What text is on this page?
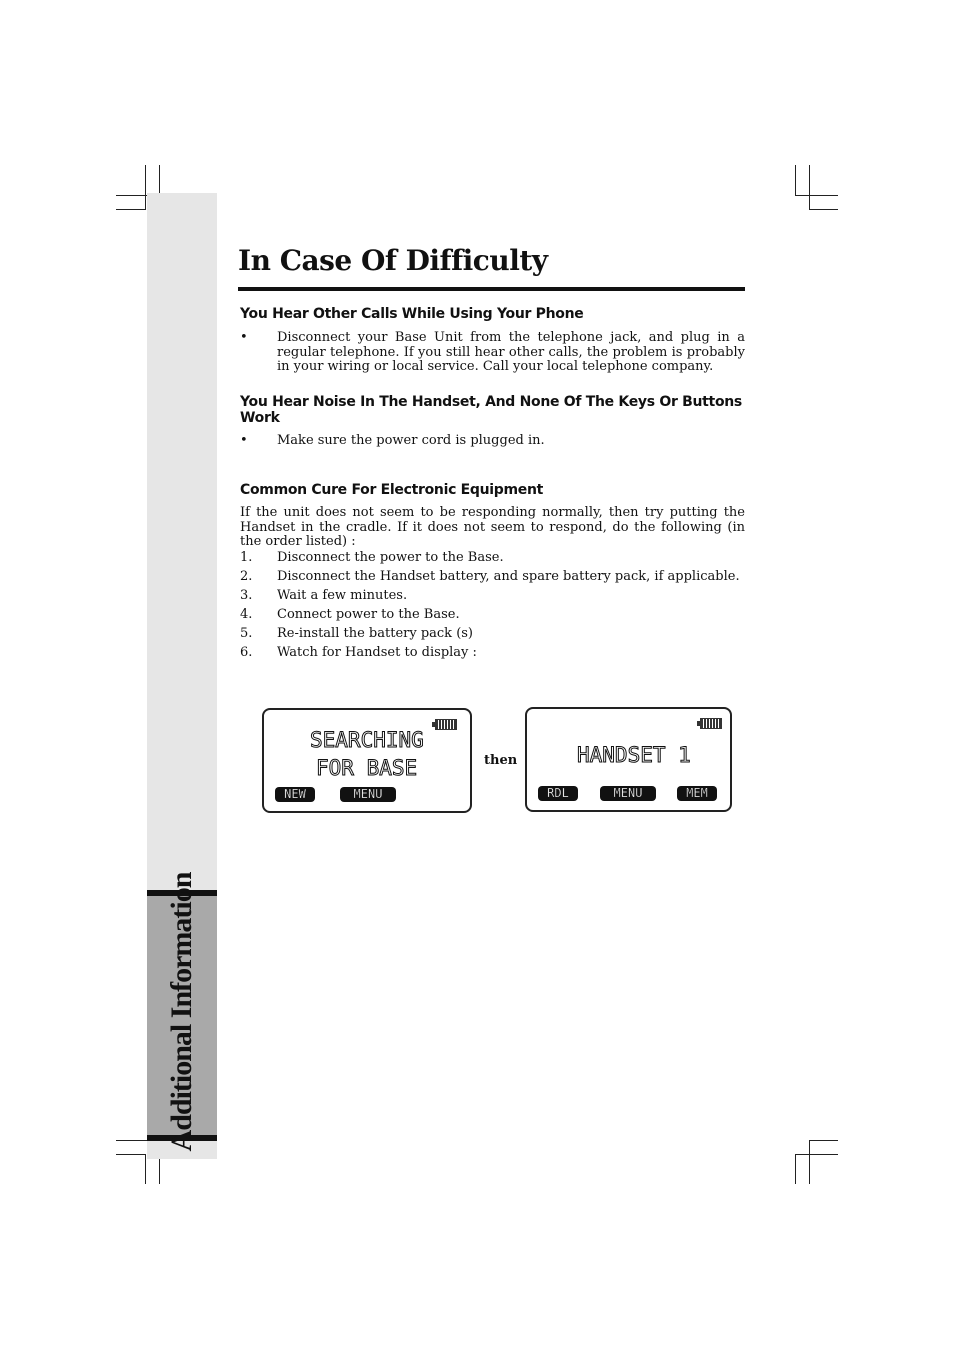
Additional Information
In Case Of Difficulty
You Hear Other Calls While Using Your Phone
• Disconnect your Base Unit from the telephone jack, and plug in a regular telephone. If you still hear other calls, the problem is probably in your wiring or local service. Call your local telephone company.
You Hear Noise In The Handset, And None Of The Keys Or Buttons Work
• Make sure the power cord is plugged in.
Common Cure For Electronic Equipment

If the unit does not seem to be responding normally, then try putting the Handset in the cradle. If it does not seem to respond, do the following (in the order listed) :

1. Disconnect the power to the Base.
2. Disconnect the Handset battery, and spare battery pack, if applicable.
3. Wait a few minutes.
4. Connect power to the Base.
5. Re-install the battery pack (s)
6. Watch for Handset to display :
SEARCHING
FOR BASE
NEW	MENU
then	HANDSET 1
RDL	MENU	MEM
